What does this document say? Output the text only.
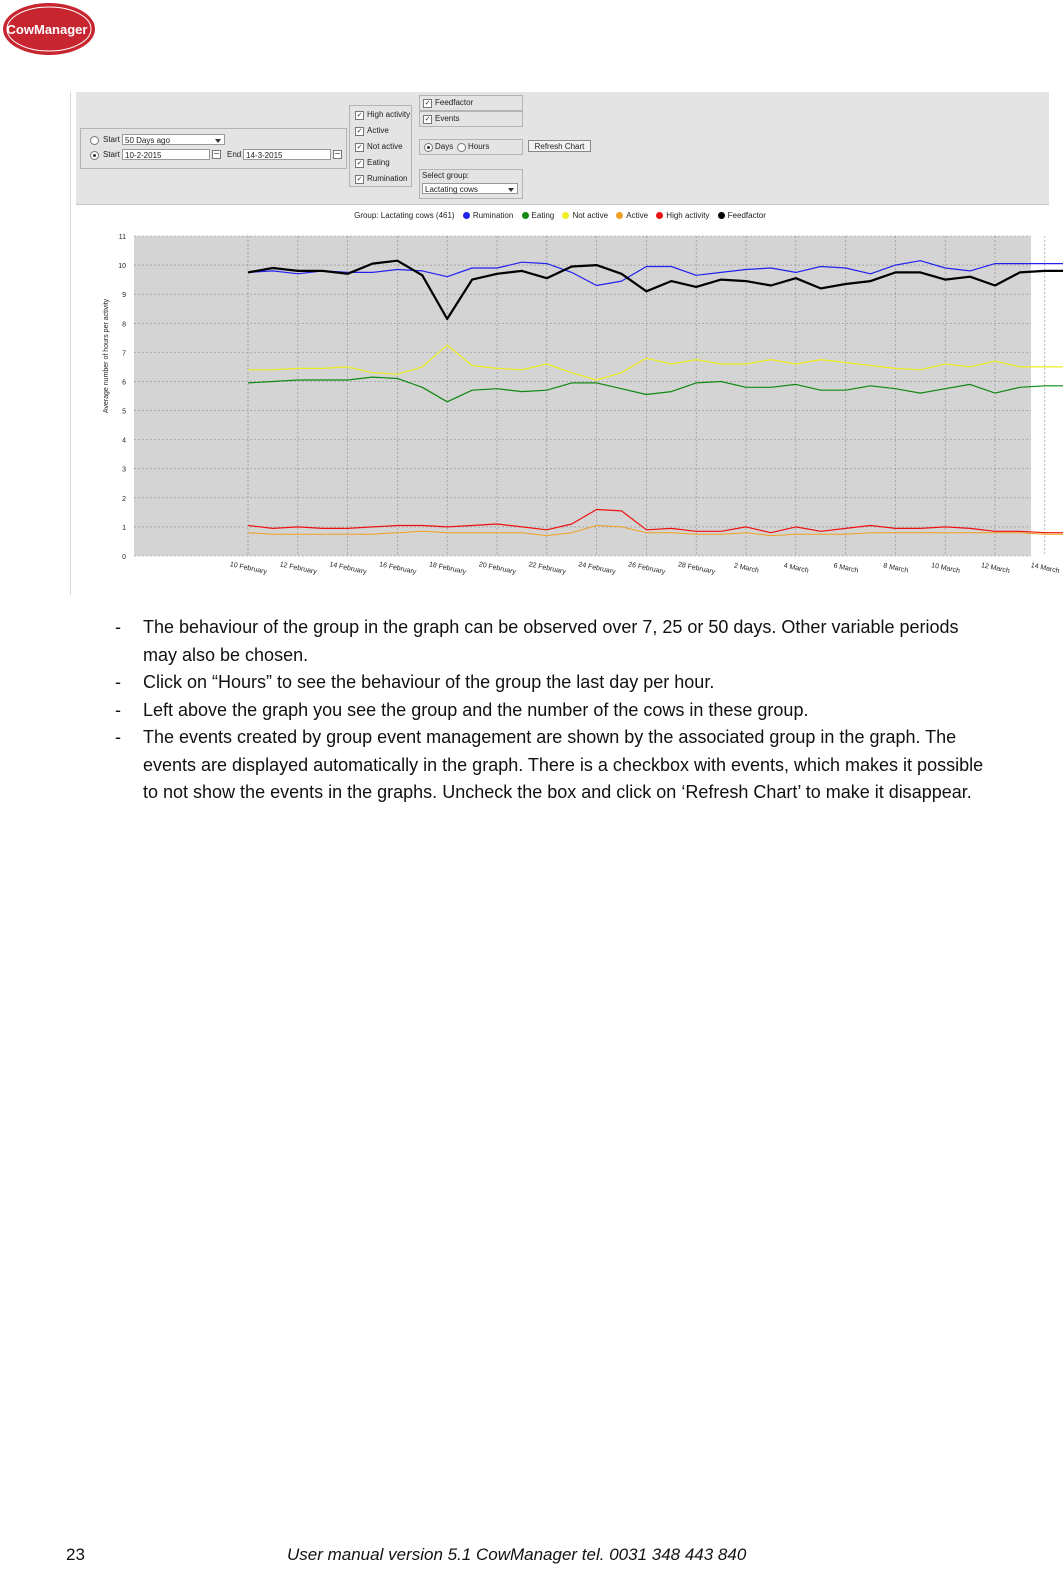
CowManager
®
Start 50 Days ago
Start 10-2-2015	End 14-3-2015
✓ High activity
✓ Active
✓ Not active
✓ Eating
✓ Rumination
✓ Feedfactor
✓ Events
Days Hours	Refresh Chart
Select group:
Lactating cows
Group: Lactating cows (461) Rumination Eating Not active Active High activity Feedfactor
0
1
2
3
4
5
6
7
8
9
10
11
10 February 12 February 14 February 16 February 18 February 20 February 22 February 24 February 26 February 28 February	2 March	4 March	6 March	8 March	10 March	12 March	14 March
Average number of hours per activity
- The behaviour of the group in the graph can be observed over 7, 25 or 50 days. Other variable periods may also be chosen.
- Click on “Hours” to see the behaviour of the group the last day per hour.
- Left above the graph you see the group and the number of the cows in these group.
- The events created by group event management are shown by the associated group in the graph. The events are displayed automatically in the graph. There is a checkbox with events, which makes it possible to not show the events in the graphs. Uncheck the box and click on ‘Refresh Chart’ to make it disappear.
23	User manual version 5.1 CowManager tel. 0031 348 443 840
